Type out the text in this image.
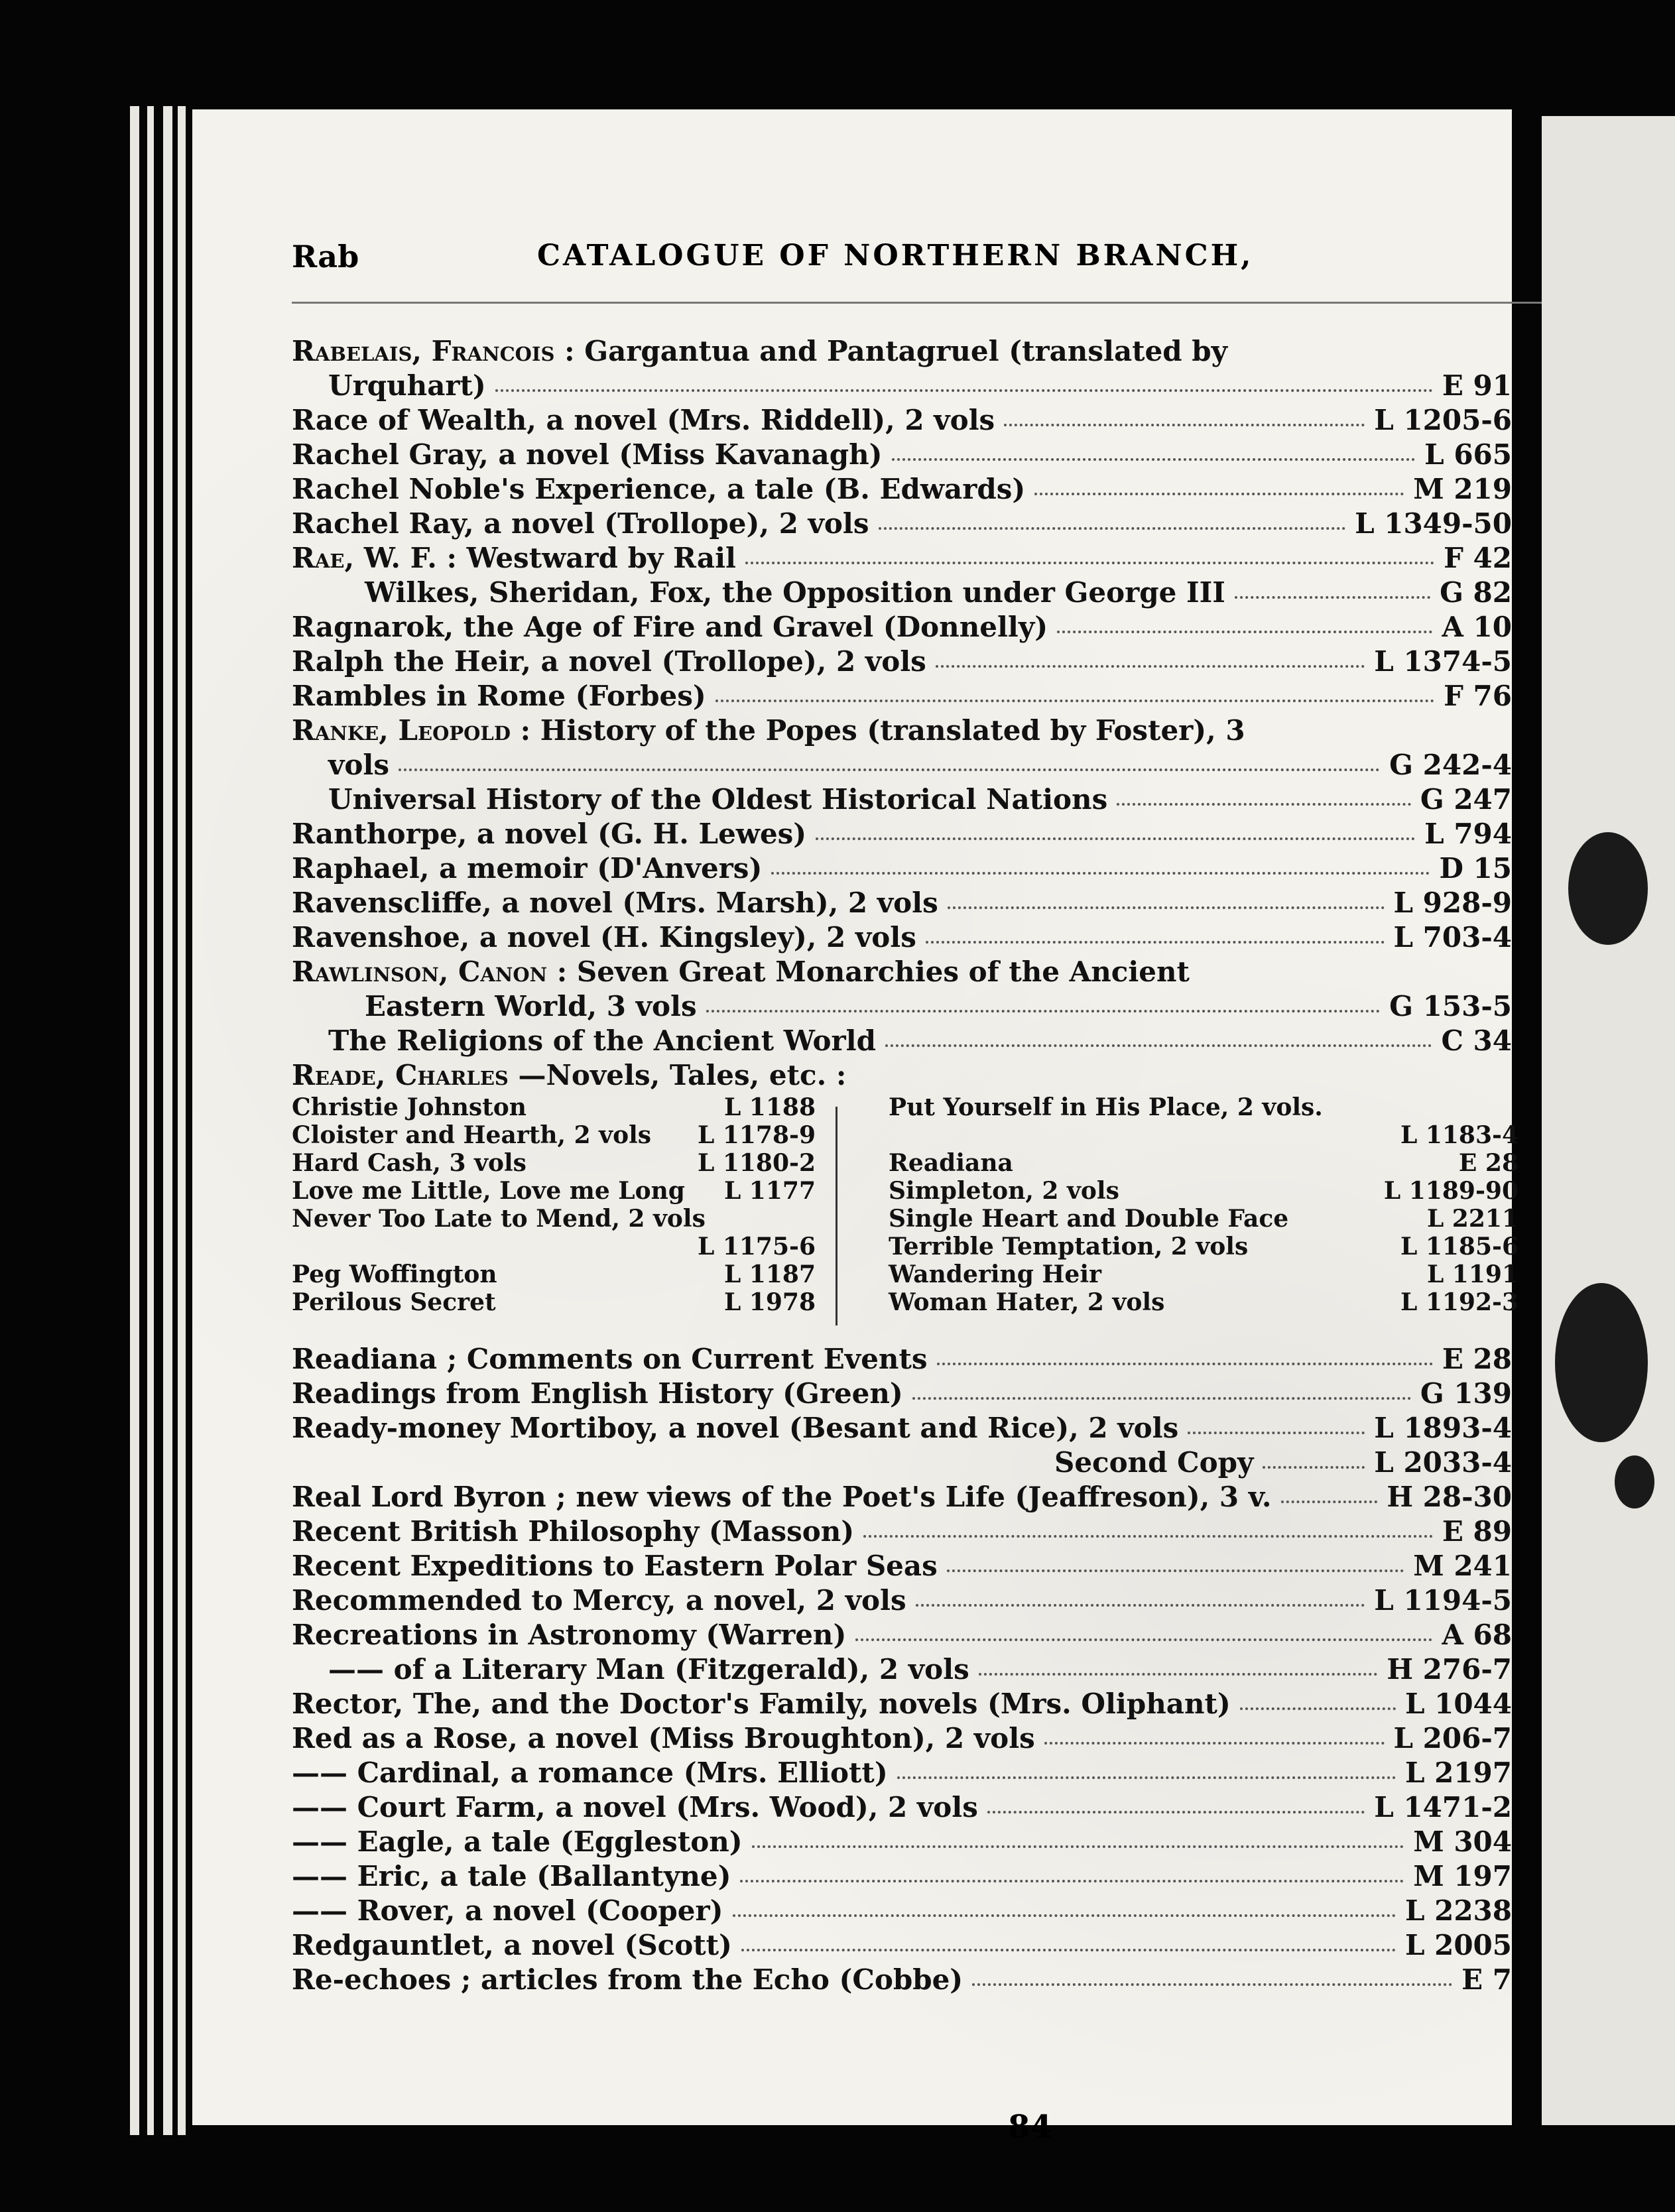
Rab	CATALOGUE OF NORTHERN BRANCH,
Rabelais, Francois : Gargantua and Pantagruel (translated by
Urquhart)	E 91
Race of Wealth, a novel (Mrs. Riddell), 2 vols	L 1205-6
Rachel Gray, a novel (Miss Kavanagh)	L 665
Rachel Noble's Experience, a tale (B. Edwards)	M 219
Rachel Ray, a novel (Trollope), 2 vols	L 1349-50
Rae, W. F. : Westward by Rail	F 42
Wilkes, Sheridan, Fox, the Opposition under George III	G 82
Ragnarok, the Age of Fire and Gravel (Donnelly)	A 10
Ralph the Heir, a novel (Trollope), 2 vols	L 1374-5
Rambles in Rome (Forbes)	F 76
Ranke, Leopold : History of the Popes (translated by Foster), 3
vols	G 242-4
Universal History of the Oldest Historical Nations	G 247
Ranthorpe, a novel (G. H. Lewes)	L 794
Raphael, a memoir (D'Anvers)	D 15
Ravenscliffe, a novel (Mrs. Marsh), 2 vols	L 928-9
Ravenshoe, a novel (H. Kingsley), 2 vols	L 703-4
Rawlinson, Canon : Seven Great Monarchies of the Ancient
Eastern World, 3 vols	G 153-5
The Religions of the Ancient World	C 34
Reade, Charles —Novels, Tales, etc. :
Christie Johnston	L 1188
Cloister and Hearth, 2 vols L 1178-9
Hard Cash, 3 vols	L 1180-2
Love me Little, Love me Long L 1177
Never Too Late to Mend, 2 vols
L 1175-6
Peg Woffington	L 1187
Perilous Secret	L 1978
Put Yourself in His Place, 2 vols.
L 1183-4
Readiana	E 28
Simpleton, 2 vols	L 1189-90
Single Heart and Double Face	L 2211
Terrible Temptation, 2 vols	L 1185-6
Wandering Heir	L 1191
Woman Hater, 2 vols	L 1192-3
Readiana ; Comments on Current Events	E 28
Readings from English History (Green)	G 139
Ready-money Mortiboy, a novel (Besant and Rice), 2 vols	L 1893-4
Second Copy	L 2033-4
Real Lord Byron ; new views of the Poet's Life (Jeaffreson), 3 v.	H 28-30
Recent British Philosophy (Masson)	E 89
Recent Expeditions to Eastern Polar Seas	M 241
Recommended to Mercy, a novel, 2 vols	L 1194-5
Recreations in Astronomy (Warren)	A 68
—— of a Literary Man (Fitzgerald), 2 vols	H 276-7
Rector, The, and the Doctor's Family, novels (Mrs. Oliphant)	L 1044
Red as a Rose, a novel (Miss Broughton), 2 vols	L 206-7
—— Cardinal, a romance (Mrs. Elliott)	L 2197
—— Court Farm, a novel (Mrs. Wood), 2 vols	L 1471-2
—— Eagle, a tale (Eggleston)	M 304
—— Eric, a tale (Ballantyne)	M 197
—— Rover, a novel (Cooper)	L 2238
Redgauntlet, a novel (Scott)	L 2005
Re-echoes ; articles from the Echo (Cobbe)	E 7
84
